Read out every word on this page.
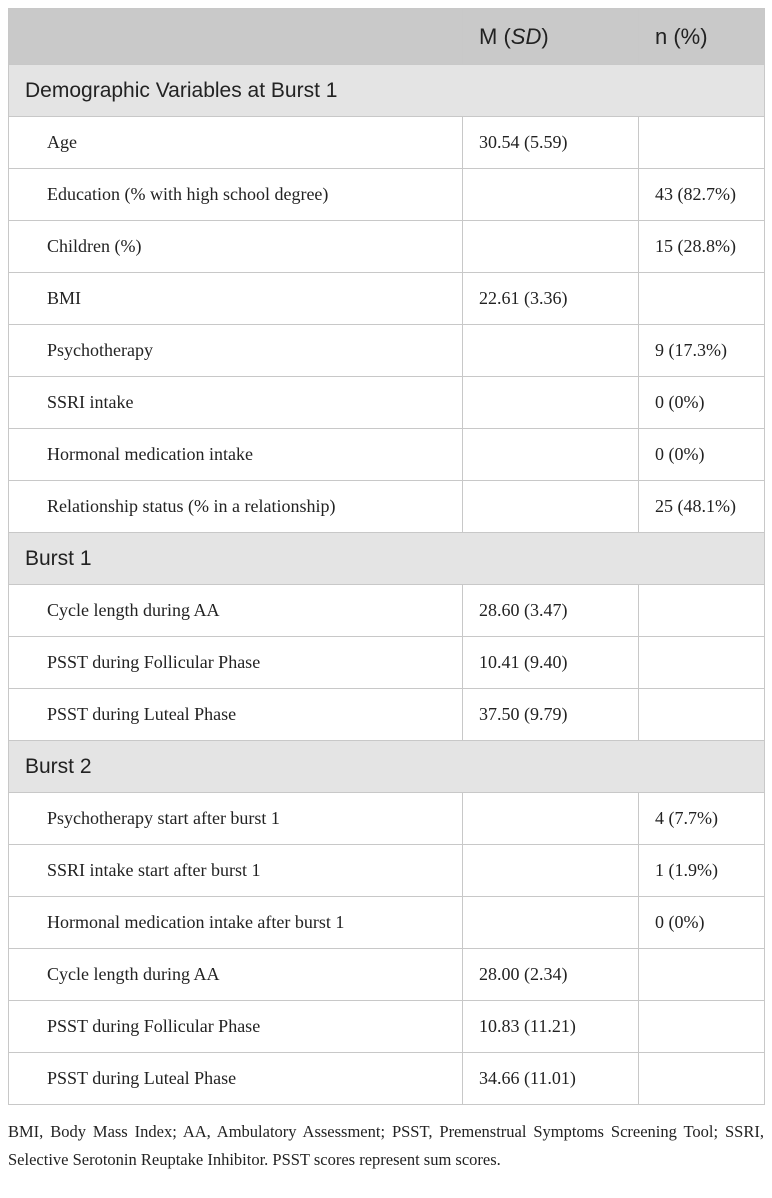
	M (SD)	n (%)
Demographic Variables at Burst 1		
Age	30.54 (5.59)	
Education (% with high school degree)		43 (82.7%)
Children (%)		15 (28.8%)
BMI	22.61 (3.36)	
Psychotherapy		9 (17.3%)
SSRI intake		0 (0%)
Hormonal medication intake		0 (0%)
Relationship status (% in a relationship)		25 (48.1%)
Burst 1		
Cycle length during AA	28.60 (3.47)	
PSST during Follicular Phase	10.41 (9.40)	
PSST during Luteal Phase	37.50 (9.79)	
Burst 2		
Psychotherapy start after burst 1		4 (7.7%)
SSRI intake start after burst 1		1 (1.9%)
Hormonal medication intake after burst 1		0 (0%)
Cycle length during AA	28.00 (2.34)	
PSST during Follicular Phase	10.83 (11.21)	
PSST during Luteal Phase	34.66 (11.01)	
BMI, Body Mass Index; AA, Ambulatory Assessment; PSST, Premenstrual Symptoms Screening Tool; SSRI, Selective Serotonin Reuptake Inhibitor. PSST scores represent sum scores.
